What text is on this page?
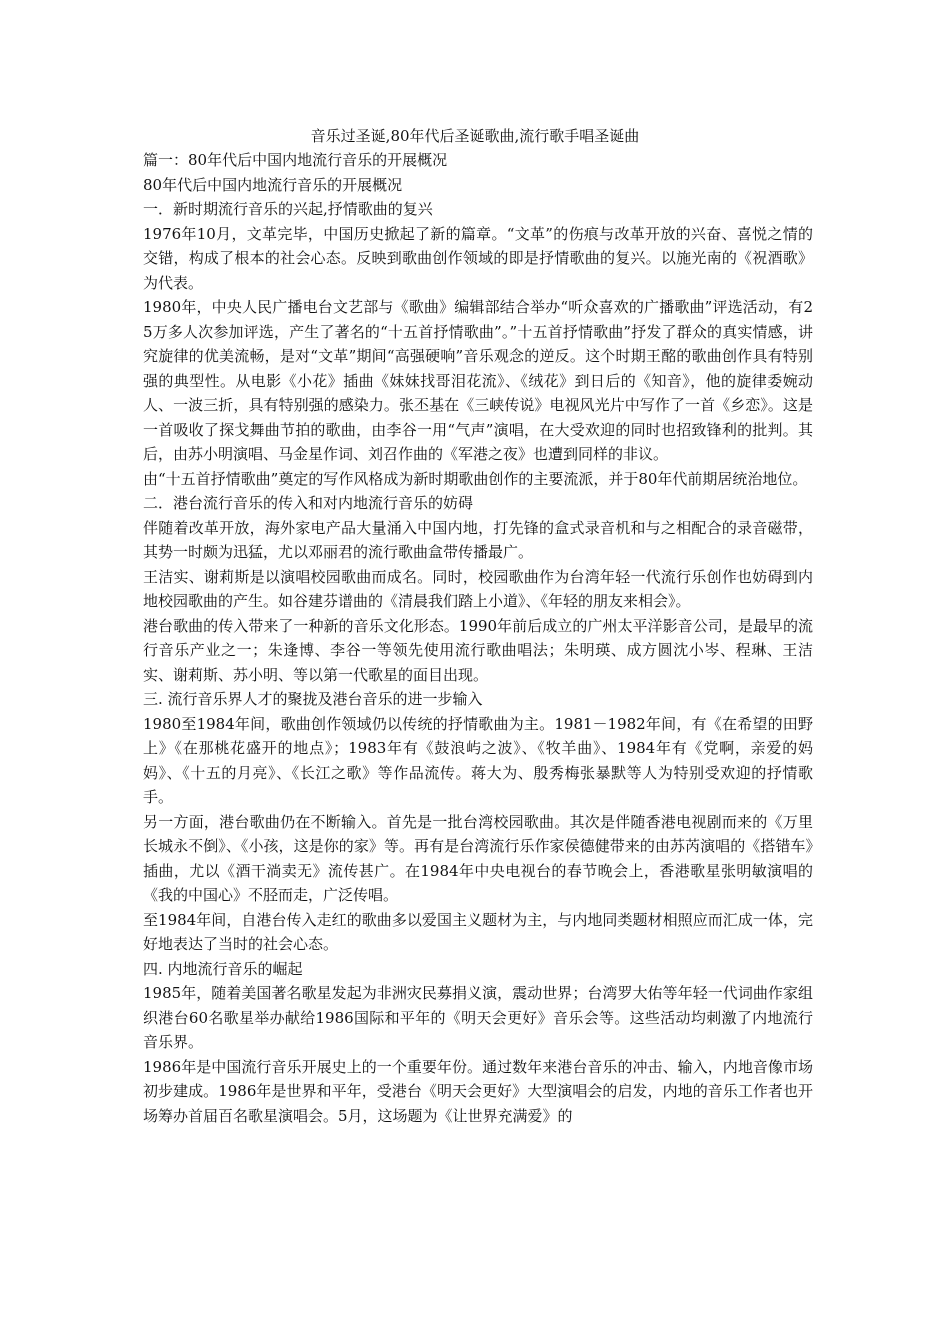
音乐过圣诞,80年代后圣诞歌曲,流行歌手唱圣诞曲

篇一：80年代后中国内地流行音乐的开展概况

80年代后中国内地流行音乐的开展概况

一．新时期流行音乐的兴起,抒情歌曲的复兴

1976年10月，文革完毕，中国历史掀起了新的篇章。“文革”的伤痕与改革开放的兴奋、喜悦之情的交错，构成了根本的社会心态。反映到歌曲创作领域的即是抒情歌曲的复兴。以施光南的《祝酒歌》为代表。

1980年，中央人民广播电台文艺部与《歌曲》编辑部结合举办“听众喜欢的广播歌曲”评选活动，有25万多人次参加评选，产生了著名的“十五首抒情歌曲”。”十五首抒情歌曲”抒发了群众的真实情感，讲究旋律的优美流畅，是对“文革”期间“高强硬响”音乐观念的逆反。这个时期王酩的歌曲创作具有特别强的典型性。从电影《小花》插曲《妹妹找哥泪花流》、《绒花》到日后的《知音》，他的旋律委婉动人、一波三折，具有特别强的感染力。张丕基在《三峡传说》电视风光片中写作了一首《乡恋》。这是一首吸收了探戈舞曲节拍的歌曲，由李谷一用“气声”演唱，在大受欢迎的同时也招致锋利的批判。其后，由苏小明演唱、马金星作词、刘召作曲的《军港之夜》也遭到同样的非议。

由“十五首抒情歌曲”奠定的写作风格成为新时期歌曲创作的主要流派，并于80年代前期居统治地位。

二．港台流行音乐的传入和对内地流行音乐的妨碍

伴随着改革开放，海外家电产品大量涌入中国内地，打先锋的盒式录音机和与之相配合的录音磁带，其势一时颇为迅猛，尤以邓丽君的流行歌曲盒带传播最广。

王洁实、谢莉斯是以演唱校园歌曲而成名。同时，校园歌曲作为台湾年轻一代流行乐创作也妨碍到内地校园歌曲的产生。如谷建芬谱曲的《清晨我们踏上小道》、《年轻的朋友来相会》。

港台歌曲的传入带来了一种新的音乐文化形态。1990年前后成立的广州太平洋影音公司，是最早的流行音乐产业之一；朱逢博、李谷一等领先使用流行歌曲唱法；朱明瑛、成方圆沈小岑、程琳、王洁实、谢莉斯、苏小明、等以第一代歌星的面目出现。

三. 流行音乐界人才的聚拢及港台音乐的进一步输入

1980至1984年间，歌曲创作领域仍以传统的抒情歌曲为主。1981－1982年间，有《在希望的田野上》《在那桃花盛开的地点》；1983年有《鼓浪屿之波》、《牧羊曲》、1984年有《党啊，亲爱的妈妈》、《十五的月亮》、《长江之歌》等作品流传。蒋大为、殷秀梅张暴默等人为特别受欢迎的抒情歌手。

另一方面，港台歌曲仍在不断输入。首先是一批台湾校园歌曲。其次是伴随香港电视剧而来的《万里长城永不倒》、《小孩，这是你的家》等。再有是台湾流行乐作家侯德健带来的由苏芮演唱的《搭错车》插曲，尤以《酒干淌卖无》流传甚广。在1984年中央电视台的春节晚会上，香港歌星张明敏演唱的《我的中国心》不胫而走，广泛传唱。

至1984年间，自港台传入走红的歌曲多以爱国主义题材为主，与内地同类题材相照应而汇成一体，完好地表达了当时的社会心态。

四. 内地流行音乐的崛起

1985年，随着美国著名歌星发起为非洲灾民募捐义演，震动世界；台湾罗大佑等年轻一代词曲作家组织港台60名歌星举办献给1986国际和平年的《明天会更好》音乐会等。这些活动均刺激了内地流行音乐界。

1986年是中国流行音乐开展史上的一个重要年份。通过数年来港台音乐的冲击、输入，内地音像市场初步建成。1986年是世界和平年，受港台《明天会更好》大型演唱会的启发，内地的音乐工作者也开场筹办首届百名歌星演唱会。5月，这场题为《让世界充满爱》的
